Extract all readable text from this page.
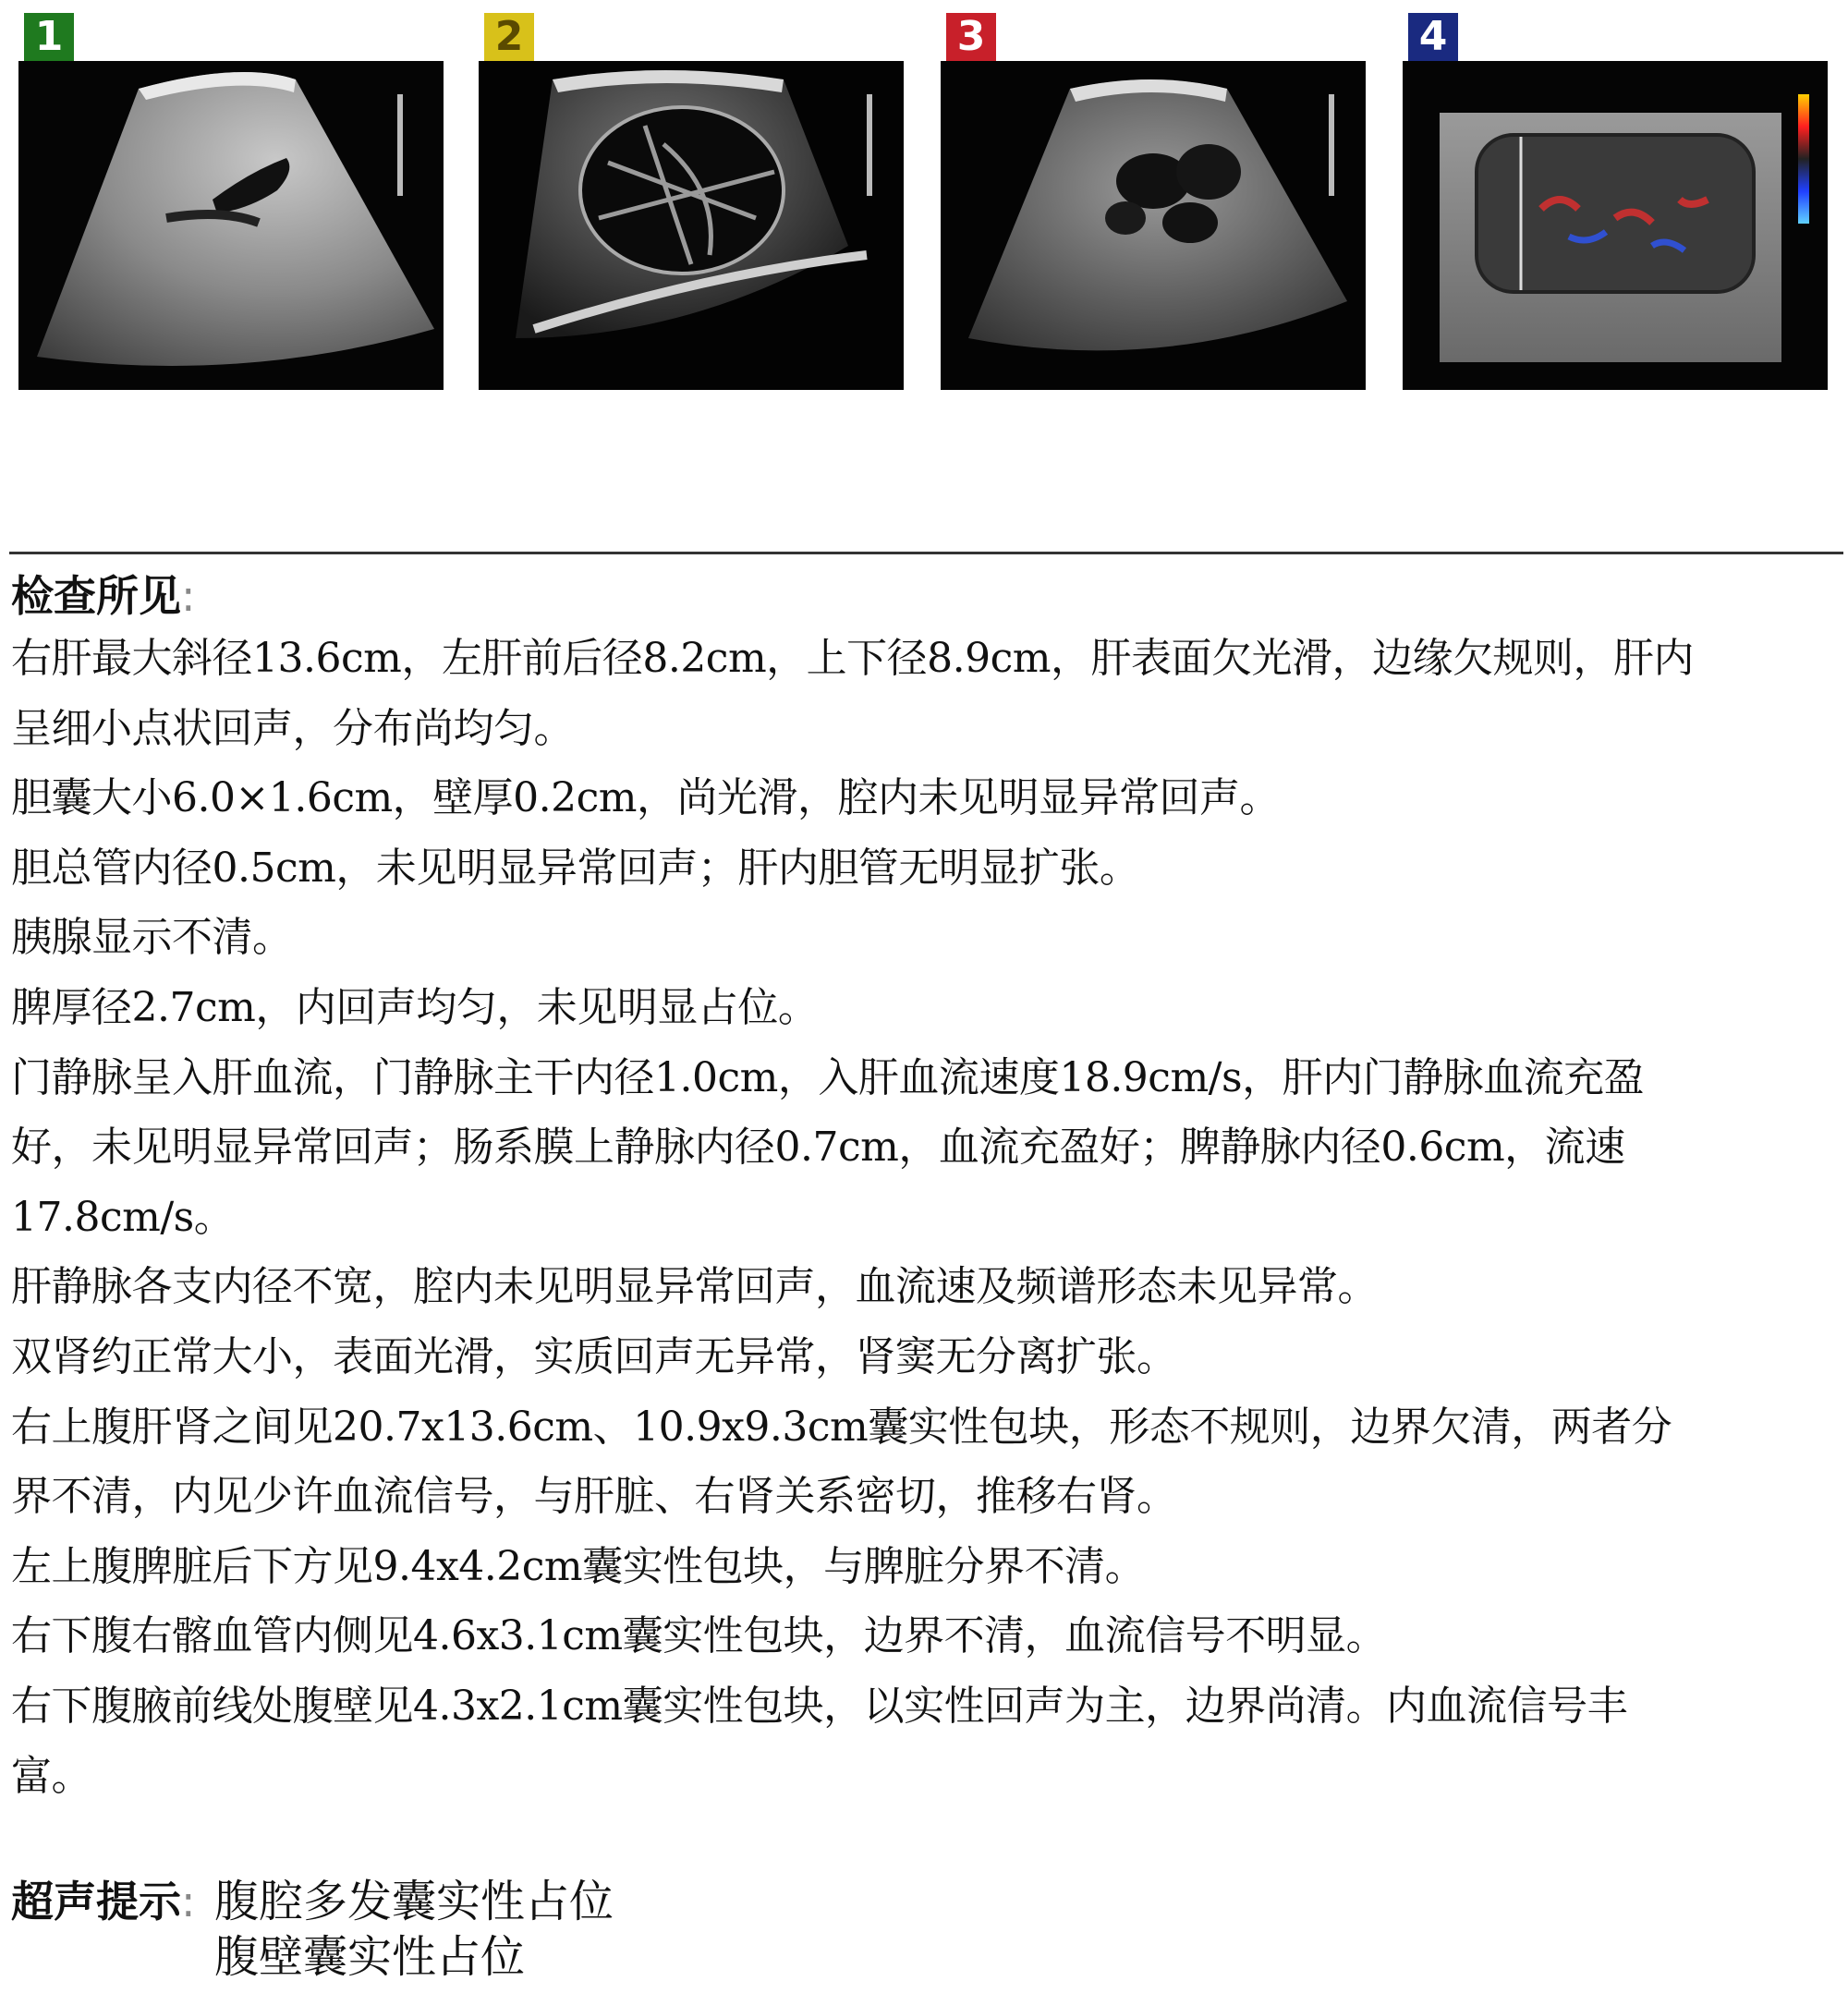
1	2	3	4
检查所见:
右肝最大斜径13.6cm，左肝前后径8.2cm，上下径8.9cm，肝表面欠光滑，边缘欠规则，肝内
呈细小点状回声，分布尚均匀。
胆囊大小6.0×1.6cm，壁厚0.2cm，尚光滑，腔内未见明显异常回声。
胆总管内径0.5cm，未见明显异常回声；肝内胆管无明显扩张。
胰腺显示不清。
脾厚径2.7cm，内回声均匀，未见明显占位。
门静脉呈入肝血流，门静脉主干内径1.0cm，入肝血流速度18.9cm/s，肝内门静脉血流充盈
好，未见明显异常回声；肠系膜上静脉内径0.7cm，血流充盈好；脾静脉内径0.6cm，流速
17.8cm/s。
肝静脉各支内径不宽，腔内未见明显异常回声，血流速及频谱形态未见异常。
双肾约正常大小，表面光滑，实质回声无异常，肾窦无分离扩张。
右上腹肝肾之间见20.7x13.6cm、10.9x9.3cm囊实性包块，形态不规则，边界欠清，两者分
界不清，内见少许血流信号，与肝脏、右肾关系密切，推移右肾。
左上腹脾脏后下方见9.4x4.2cm囊实性包块，与脾脏分界不清。
右下腹右髂血管内侧见4.6x3.1cm囊实性包块，边界不清，血流信号不明显。
右下腹腋前线处腹壁见4.3x2.1cm囊实性包块，以实性回声为主，边界尚清。内血流信号丰
富。
超声提示: 腹腔多发囊实性占位
腹壁囊实性占位
